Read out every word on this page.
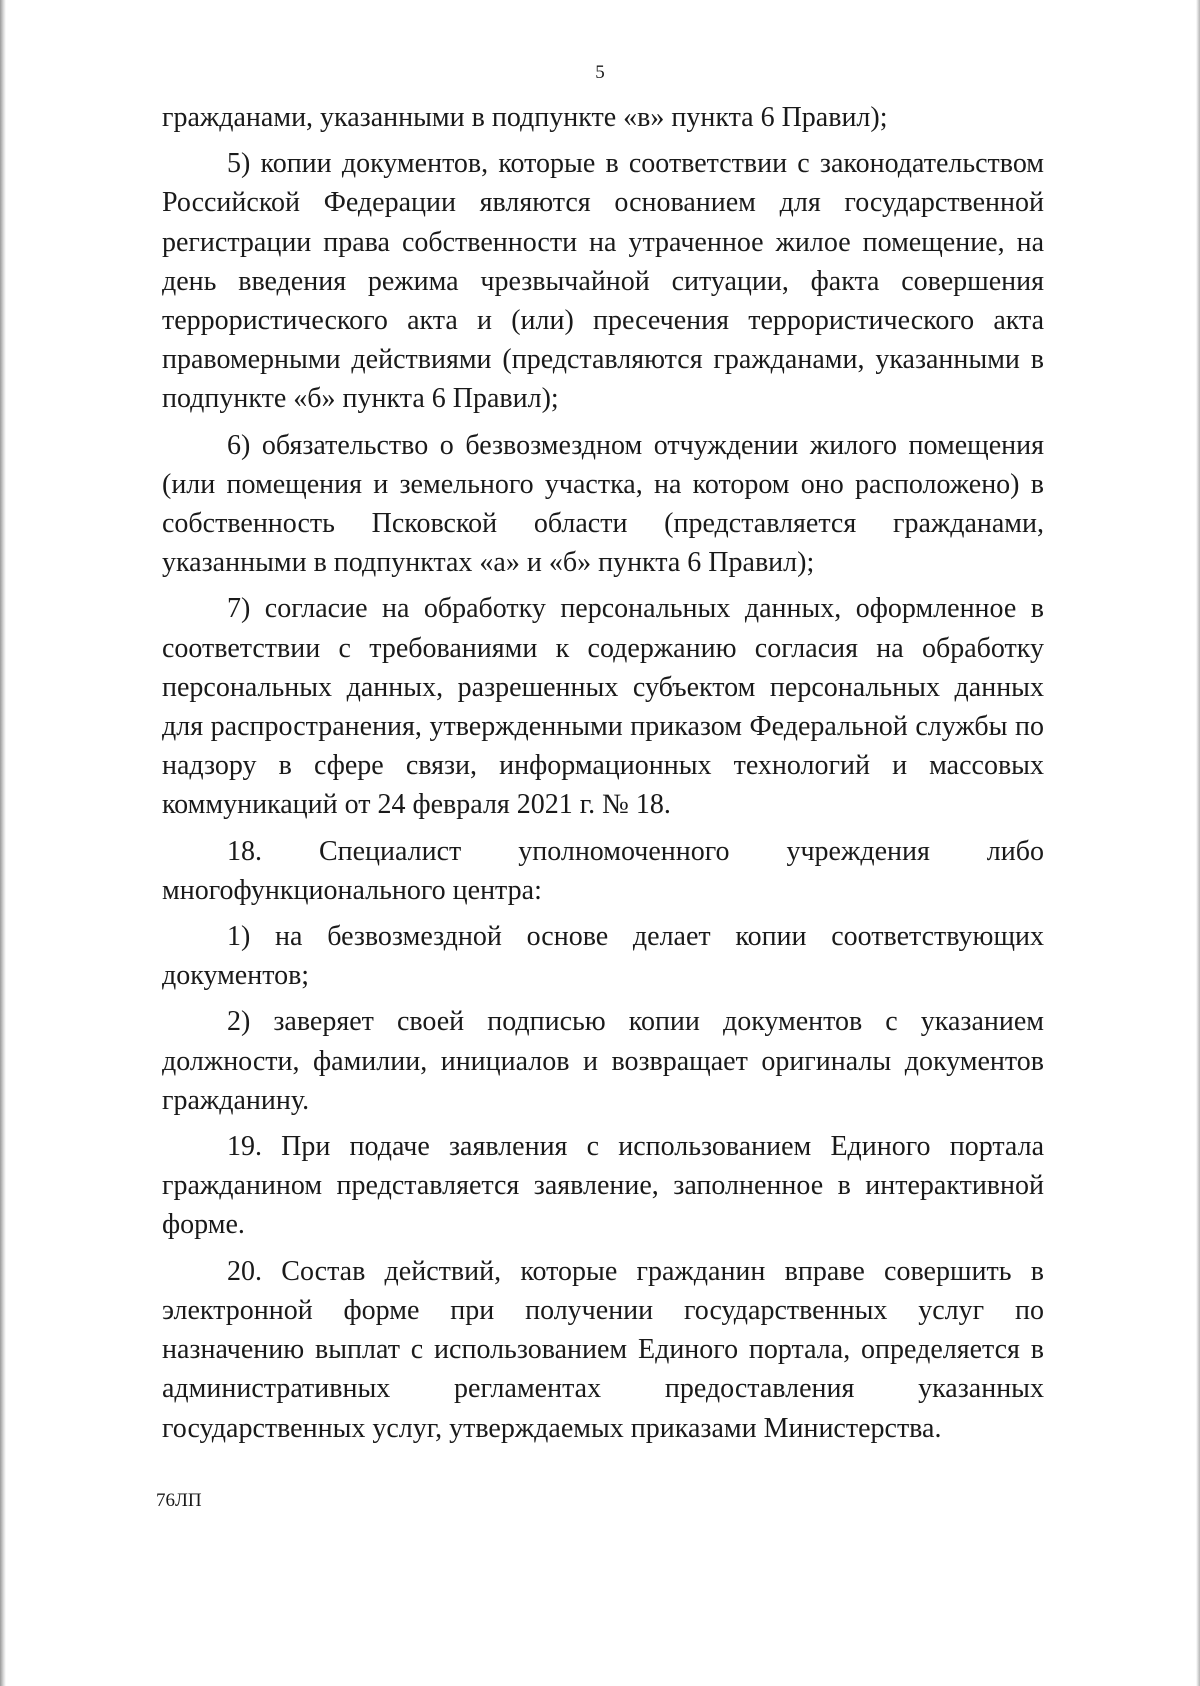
5

гражданами, указанными в подпункте «в» пункта 6 Правил);

5) копии документов, которые в соответствии с законодательством Российской Федерации являются основанием для государственной регистрации права собственности на утраченное жилое помещение, на день введения режима чрезвычайной ситуации, факта совершения террористического акта и (или) пресечения террористического акта правомерными действиями (представляются гражданами, указанными в подпункте «б» пункта 6 Правил);

6) обязательство о безвозмездном отчуждении жилого помещения (или помещения и земельного участка, на котором оно расположено) в собственность Псковской области (представляется гражданами, указанными в подпунктах «а» и «б» пункта 6 Правил);

7) согласие на обработку персональных данных, оформленное в соответствии с требованиями к содержанию согласия на обработку персональных данных, разрешенных субъектом персональных данных для распространения, утвержденными приказом Федеральной службы по надзору в сфере связи, информационных технологий и массовых коммуникаций от 24 февраля 2021 г. № 18.

18. Специалист уполномоченного учреждения либо многофункционального центра:

1) на безвозмездной основе делает копии соответствующих документов;

2) заверяет своей подписью копии документов с указанием должности, фамилии, инициалов и возвращает оригиналы документов гражданину.

19. При подаче заявления с использованием Единого портала гражданином представляется заявление, заполненное в интерактивной форме.

20. Состав действий, которые гражданин вправе совершить в электронной форме при получении государственных услуг по назначению выплат с использованием Единого портала, определяется в административных регламентах предоставления указанных государственных услуг, утверждаемых приказами Министерства.

76ЛП
